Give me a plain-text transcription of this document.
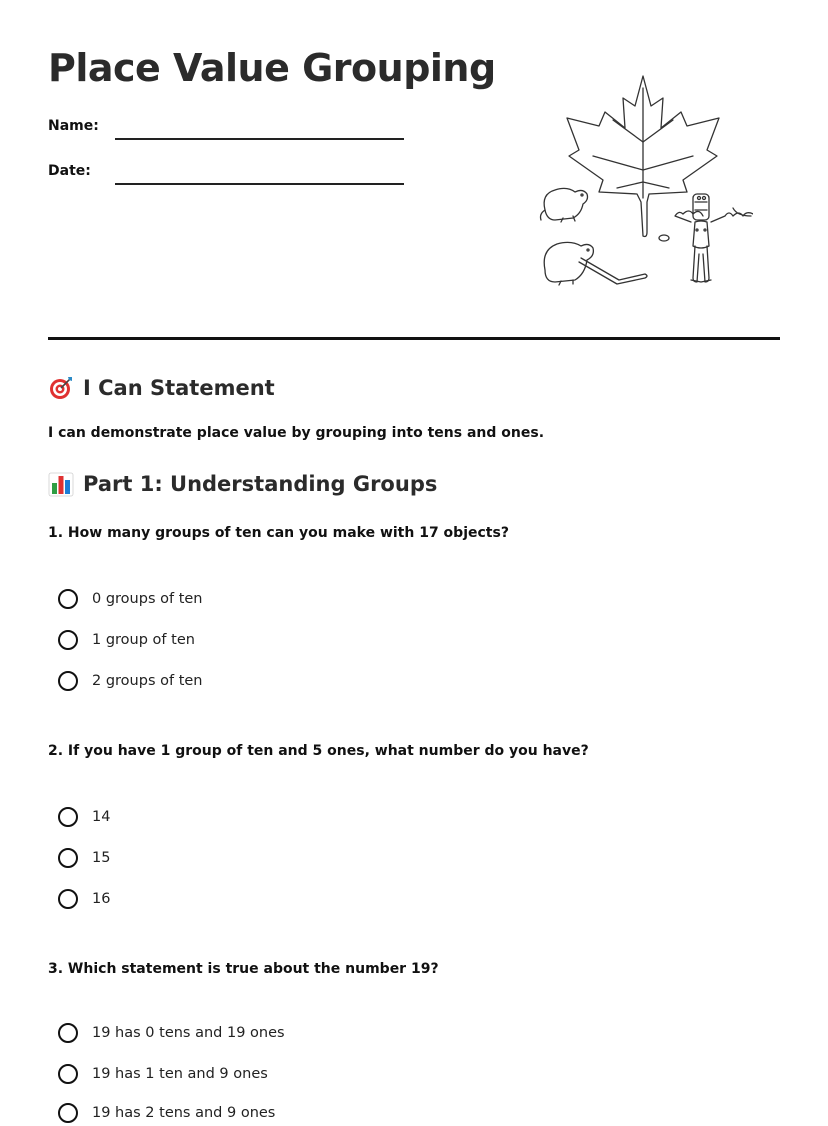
Place Value Grouping
Name:
Date:
I Can Statement
I can demonstrate place value by grouping into tens and ones.
Part 1: Understanding Groups
1. How many groups of ten can you make with 17 objects?
0 groups of ten
1 group of ten
2 groups of ten
2. If you have 1 group of ten and 5 ones, what number do you have?
14
15
16
3. Which statement is true about the number 19?
19 has 0 tens and 19 ones
19 has 1 ten and 9 ones
19 has 2 tens and 9 ones
